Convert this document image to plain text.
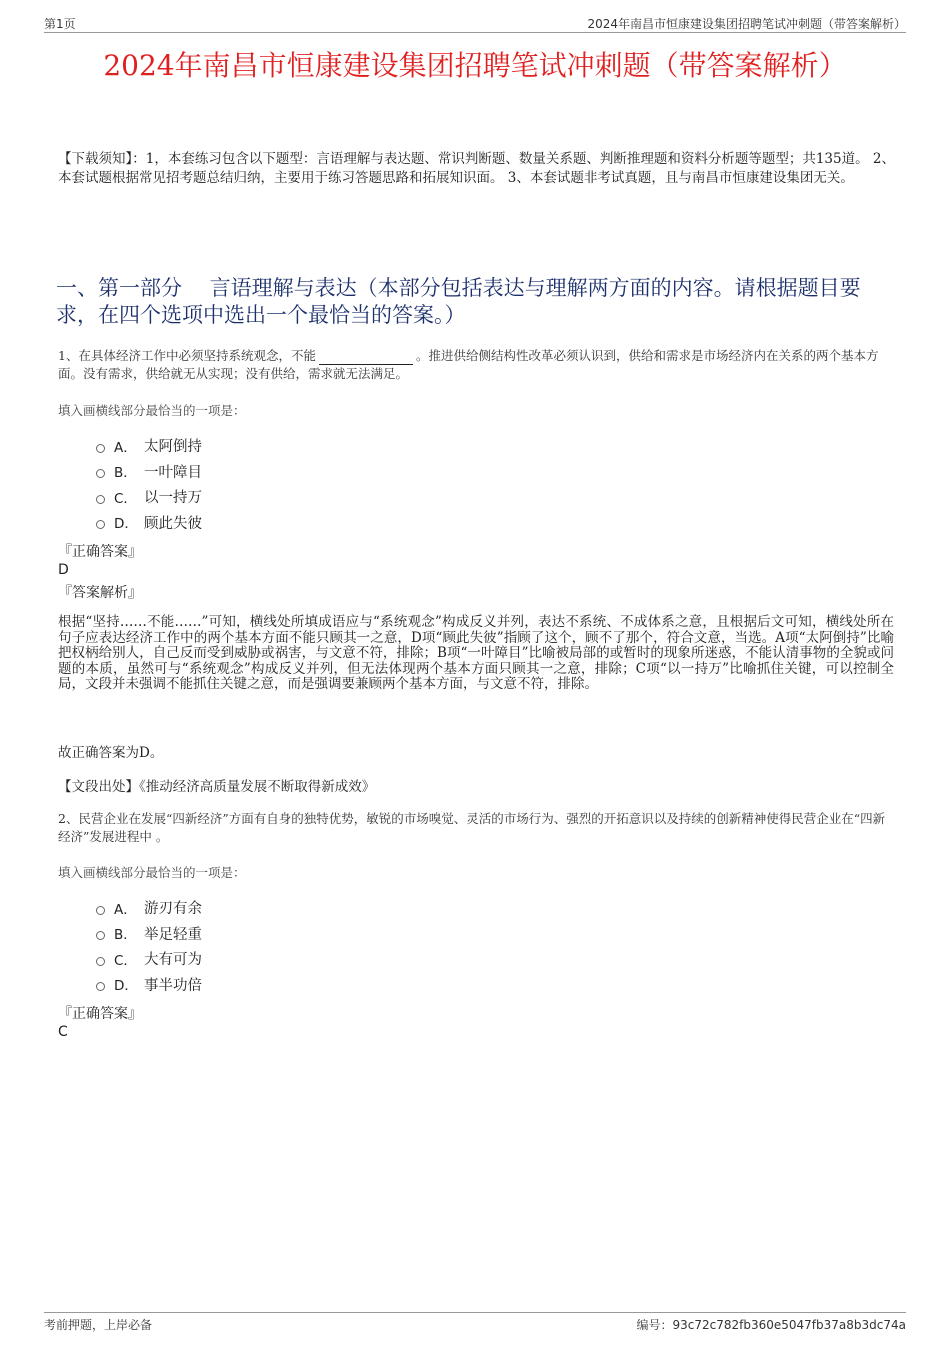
第1页	2024年南昌市恒康建设集团招聘笔试冲刺题（带答案解析）
2024年南昌市恒康建设集团招聘笔试冲刺题（带答案解析）
【下载须知】：1，本套练习包含以下题型：言语理解与表达题、常识判断题、数量关系题、判断推理题和资料分析题等题型；共135道。 2、本套试题根据常见招考题总结归纳，主要用于练习答题思路和拓展知识面。 3、本套试题非考试真题，且与南昌市恒康建设集团无关。
一、第一部分　 言语理解与表达（本部分包括表达与理解两方面的内容。请根据题目要求，在四个选项中选出一个最恰当的答案。）
1、在具体经济工作中必须坚持系统观念，不能	。推进供给侧结构性改革必须认识到，供给和需求是市场经济内在关系的两个基本方面。没有需求，供给就无从实现；没有供给，需求就无法满足。
填入画横线部分最恰当的一项是：
A． 太阿倒持
B． 一叶障目
C． 以一持万
D． 顾此失彼
『正确答案』
D
『答案解析』
根据“坚持……不能……”可知，横线处所填成语应与“系统观念”构成反义并列，表达不系统、不成体系之意，且根据后文可知，横线处所在句子应表达经济工作中的两个基本方面不能只顾其一之意，D项“顾此失彼”指顾了这个，顾不了那个，符合文意，当选。A项“太阿倒持”比喻把权柄给别人，自己反而受到威胁或祸害，与文意不符，排除；B项“一叶障目”比喻被局部的或暂时的现象所迷惑，不能认清事物的全貌或问题的本质，虽然可与“系统观念”构成反义并列，但无法体现两个基本方面只顾其一之意，排除；C项“以一持万”比喻抓住关键，可以控制全局，文段并未强调不能抓住关键之意，而是强调要兼顾两个基本方面，与文意不符，排除。
故正确答案为D。
【文段出处】《推动经济高质量发展不断取得新成效》
2、民营企业在发展“四新经济”方面有自身的独特优势，敏锐的市场嗅觉、灵活的市场行为、强烈的开拓意识以及持续的创新精神使得民营企业在“四新经济”发展进程中 。
填入画横线部分最恰当的一项是：
A． 游刃有余
B． 举足轻重
C． 大有可为
D． 事半功倍
『正确答案』
C
考前押题，上岸必备	编号：93c72c782fb360e5047fb37a8b3dc74a
